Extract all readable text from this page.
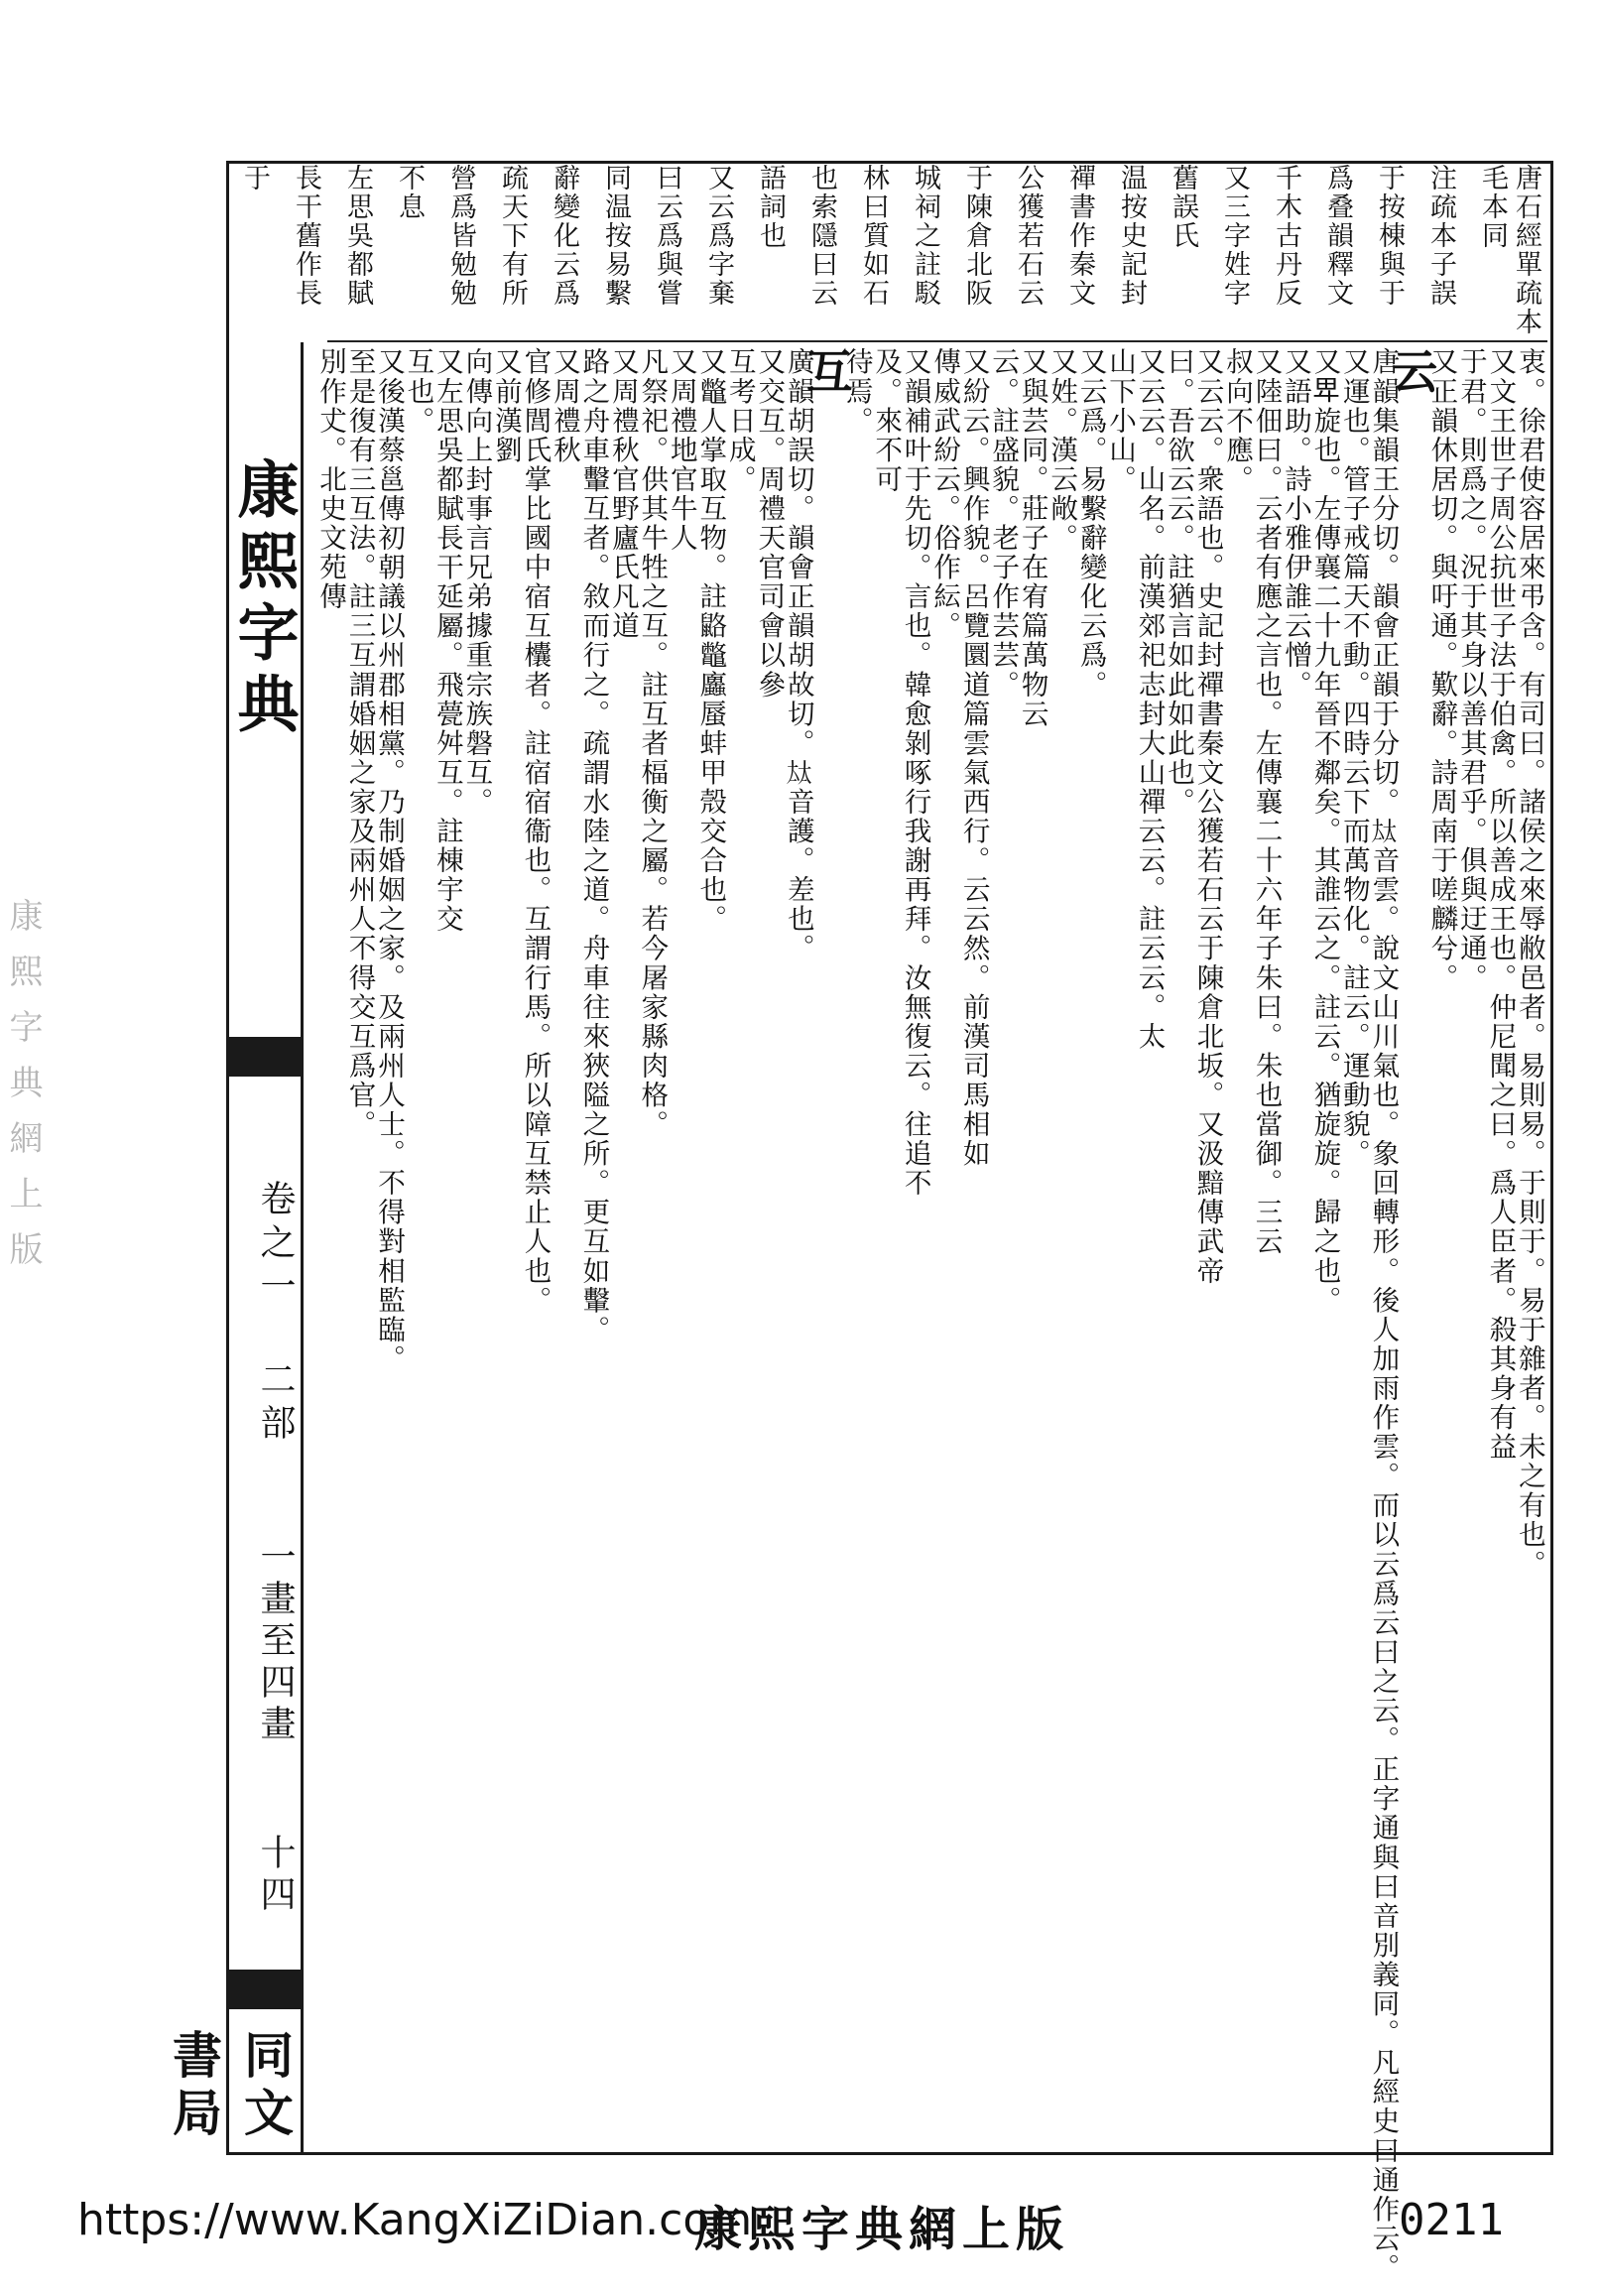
康熙字典網上版
唐石經單疏本毛本同
注疏本子誤
于按棟與于
爲叠韻釋文
千木古丹反
又三字姓字
舊誤氏
温按史記封
禪書作秦文
公獲若石云
于陳倉北阪
城祠之註駁
林曰質如石
也索隱曰云
語詞也
又云爲字棄
曰云爲與嘗
同温按易繫
辭變化云爲
疏天下有所
營爲皆勉勉
不息
左思吳都賦
長干舊作長
于
康熙字典
卷之一
二部
一畫至四畫
十四
同文書局
衷。徐君使容居來弔含。有司曰。諸侯之來辱敝邑者。易則易。于則于。易于雜者。未之有也。
又文王世子周公抗世子法于伯禽。所以善成王也。仲尼聞之曰。爲人臣者。殺其身有益
于君。則爲之。況于其身以善其君乎。俱與迂通。
又正韻休居切。與吁通。歎辭。詩周南于嗟麟兮。
云
唐韻集韻王分切。韻會正韻于分切。𡘋音雲。說文山川氣也。象回轉形。後人加雨作雲。而以云爲云曰之云。正字通與曰音別義同。凡經史曰通作云。
又運也。管子戒篇天不動。四時云下而萬物化。註云。運動貌。
又𤰞旋也。左傳襄二十九年晉不鄰矣。其誰云之。註云。猶旋旋。歸之也。
又語助。詩小雅伊誰云憎。
又陸佃曰。云者有應之言也。左傳襄二十六年子朱曰。朱也當御。三云
叔向不應。
又云云。衆語也。史記封禪書秦文公獲若石云于陳倉北坂。又汲黯傳武帝
曰。吾欲云云。註猶言如此如此也。
又云云。山名。前漢郊祀志封大山禪云云。註云云。太
山下小山。
又云爲。易繫辭變化云爲。
又姓。漢云敞。
又與芸同。莊子在宥篇萬物云
云。註盛貌。老子作芸芸。
又紛云。興作貌。呂覽圜道篇雲氣西行。云云然。前漢司馬相如
傳威武紛云。俗作紜。
又韻補叶于先切。言也。韓愈剝啄行我謝再拜。汝無復云。往追不
及。來不可
待焉。
互
廣韻胡誤切。韻會正韻胡故切。𡘋音護。差也。
又交互。周禮天官司會以參
互考日成。
又鼈人掌取互物。註䶅鼈蠯蜃蚌甲殼交合也。
又周禮地官牛人
凡祭祀。供其牛牲之互。註互者楅衡之屬。若今屠家縣肉格。
又周禮秋官野廬氏凡道
路之舟車轚互者。敘而行之。疏謂水陸之道。舟車往來狹隘之所。更互如轚。
又周禮秋
官修閭氏掌比國中宿互欜者。註宿宿衞也。互謂行馬。所以障互禁止人也。
又前漢劉
向傳向上封事言兄弟據重宗族磐互。
又左思吳都賦長干延屬。飛甍舛互。註棟宇交
互也。
又後漢蔡邕傳初朝議以州郡相黨。乃制婚姻之家。及兩州人士。不得對相監臨。
至是復有三互法。註三互謂婚姻之家及兩州人不得交互爲官。
別作𠀋。北史文苑傳
https://www.KangXiZiDian.com
康熙字典網上版	0211
